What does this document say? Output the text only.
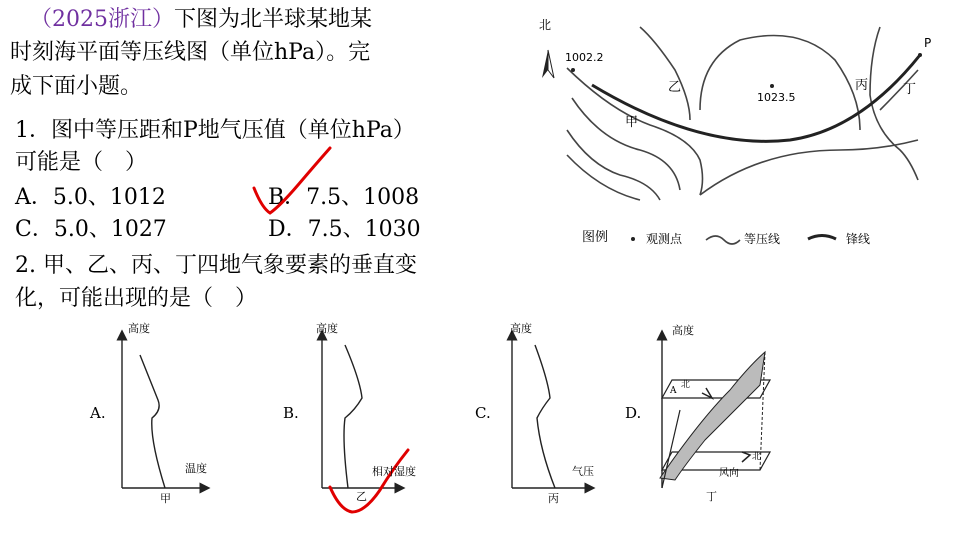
（2025浙江）下图为北半球某地某
时刻海平面等压线图（单位hPa）。完
成下面小题。
1．图中等压距和P地气压值（单位hPa）
可能是（　）
A．5.0、1012	B．7.5、1008
C．5.0、1027	D．7.5、1030
2. 甲、乙、丙、丁四地气象要素的垂直变
化，可能出现的是（　）
北
1002.2
1023.5
P
甲
乙	丙	丁
图例	观测点	等压线	锋线
A.
高度
温度
甲
B.
高度
相对湿度
乙
C.
高度
气压
丙
D.
高度
北
A
北
风向
丁
